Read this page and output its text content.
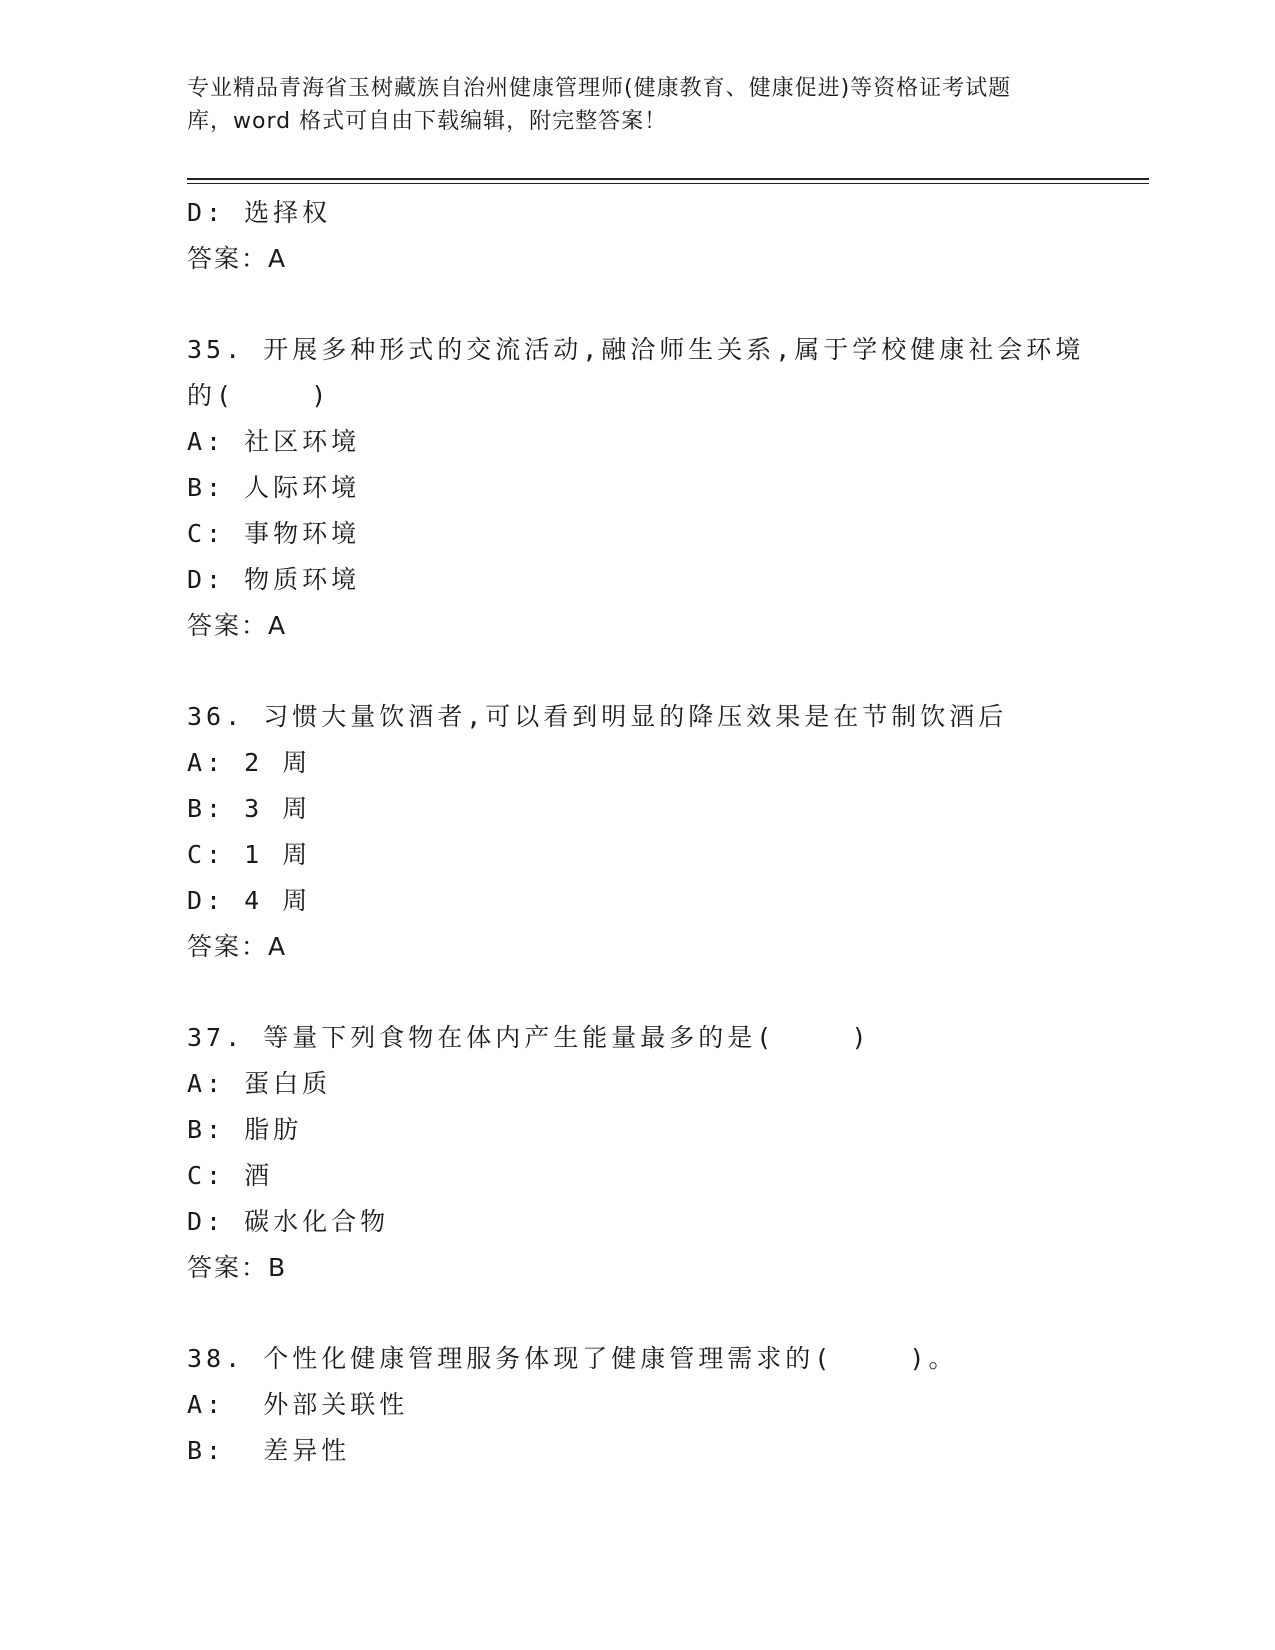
专业精品青海省玉树藏族自治州健康管理师(健康教育、健康促进)等资格证考试题
库，word 格式可自由下载编辑，附完整答案！
D: 选择权
答案：A
35. 开展多种形式的交流活动,融洽师生关系,属于学校健康社会环境
的(    )
A: 社区环境
B: 人际环境
C: 事物环境
D: 物质环境
答案：A
36. 习惯大量饮酒者,可以看到明显的降压效果是在节制饮酒后
A: 2 周
B: 3 周
C: 1 周
D: 4 周
答案：A
37. 等量下列食物在体内产生能量最多的是(    )
A: 蛋白质
B: 脂肪
C: 酒
D: 碳水化合物
答案：B
38. 个性化健康管理服务体现了健康管理需求的(    )。
A:  外部关联性
B:  差异性
